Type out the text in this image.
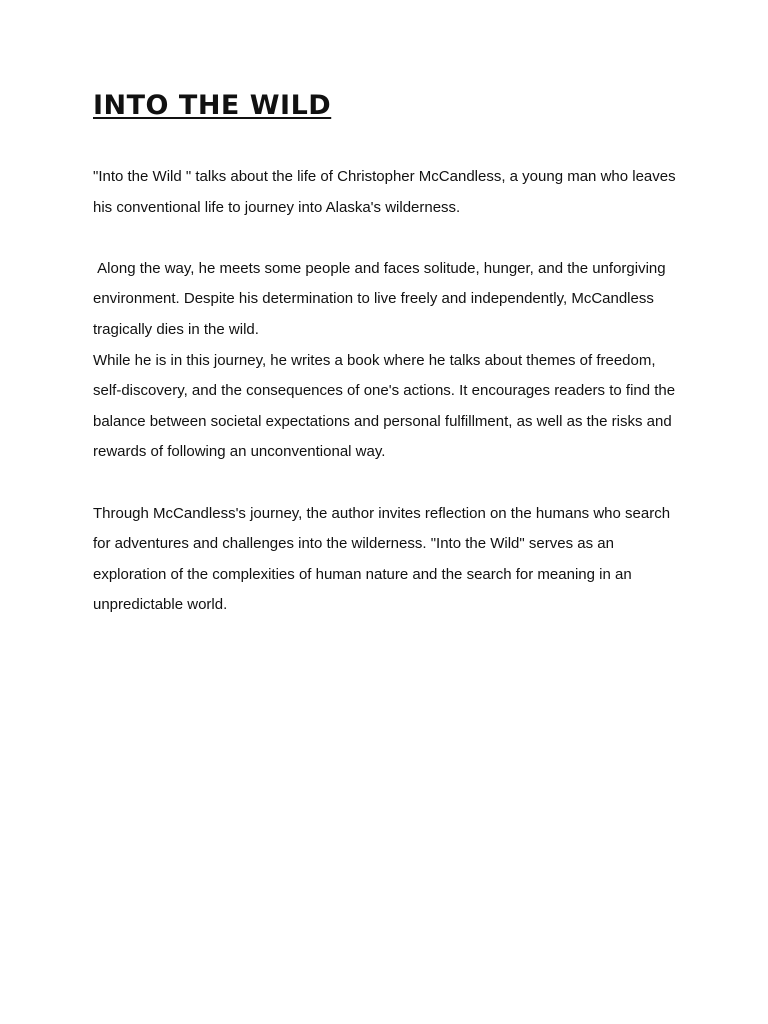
INTO THE WILD

"Into the Wild " talks about the life of Christopher McCandless, a young man who leaves his conventional life to journey into Alaska's wilderness.

Along the way, he meets some people and faces solitude, hunger, and the unforgiving environment. Despite his determination to live freely and independently, McCandless tragically dies in the wild.

While he is in this journey, he writes a book where he talks about themes of freedom, self-discovery, and the consequences of one's actions. It encourages readers to find the balance between societal expectations and personal fulfillment, as well as the risks and rewards of following an unconventional way.

Through McCandless's journey, the author invites reflection on the humans who search for adventures and challenges into the wilderness. "Into the Wild" serves as an exploration of the complexities of human nature and the search for meaning in an unpredictable world.
